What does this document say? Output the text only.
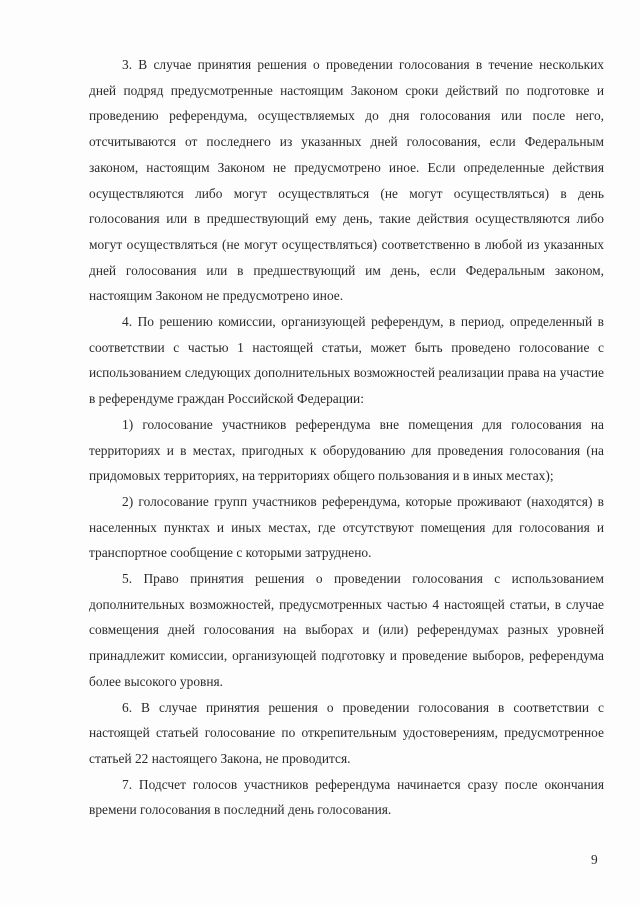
3. В случае принятия решения о проведении голосования в течение нескольких дней подряд предусмотренные настоящим Законом сроки действий по подготовке и проведению референдума, осуществляемых до дня голосования или после него, отсчитываются от последнего из указанных дней голосования, если Федеральным законом, настоящим Законом не предусмотрено иное. Если определенные действия осуществляются либо могут осуществляться (не могут осуществляться) в день голосования или в предшествующий ему день, такие действия осуществляются либо могут осуществляться (не могут осуществляться) соответственно в любой из указанных дней голосования или в предшествующий им день, если Федеральным законом, настоящим Законом не предусмотрено иное.

4. По решению комиссии, организующей референдум, в период, определенный в соответствии с частью 1 настоящей статьи, может быть проведено голосование с использованием следующих дополнительных возможностей реализации права на участие в референдуме граждан Российской Федерации:

1) голосование участников референдума вне помещения для голосования на территориях и в местах, пригодных к оборудованию для проведения голосования (на придомовых территориях, на территориях общего пользования и в иных местах);

2) голосование групп участников референдума, которые проживают (находятся) в населенных пунктах и иных местах, где отсутствуют помещения для голосования и транспортное сообщение с которыми затруднено.

5. Право принятия решения о проведении голосования с использованием дополнительных возможностей, предусмотренных частью 4 настоящей статьи, в случае совмещения дней голосования на выборах и (или) референдумах разных уровней принадлежит комиссии, организующей подготовку и проведение выборов, референдума более высокого уровня.

6. В случае принятия решения о проведении голосования в соответствии с настоящей статьей голосование по открепительным удостоверениям, предусмотренное статьей 22 настоящего Закона, не проводится.

7. Подсчет голосов участников референдума начинается сразу после окончания времени голосования в последний день голосования.

9
